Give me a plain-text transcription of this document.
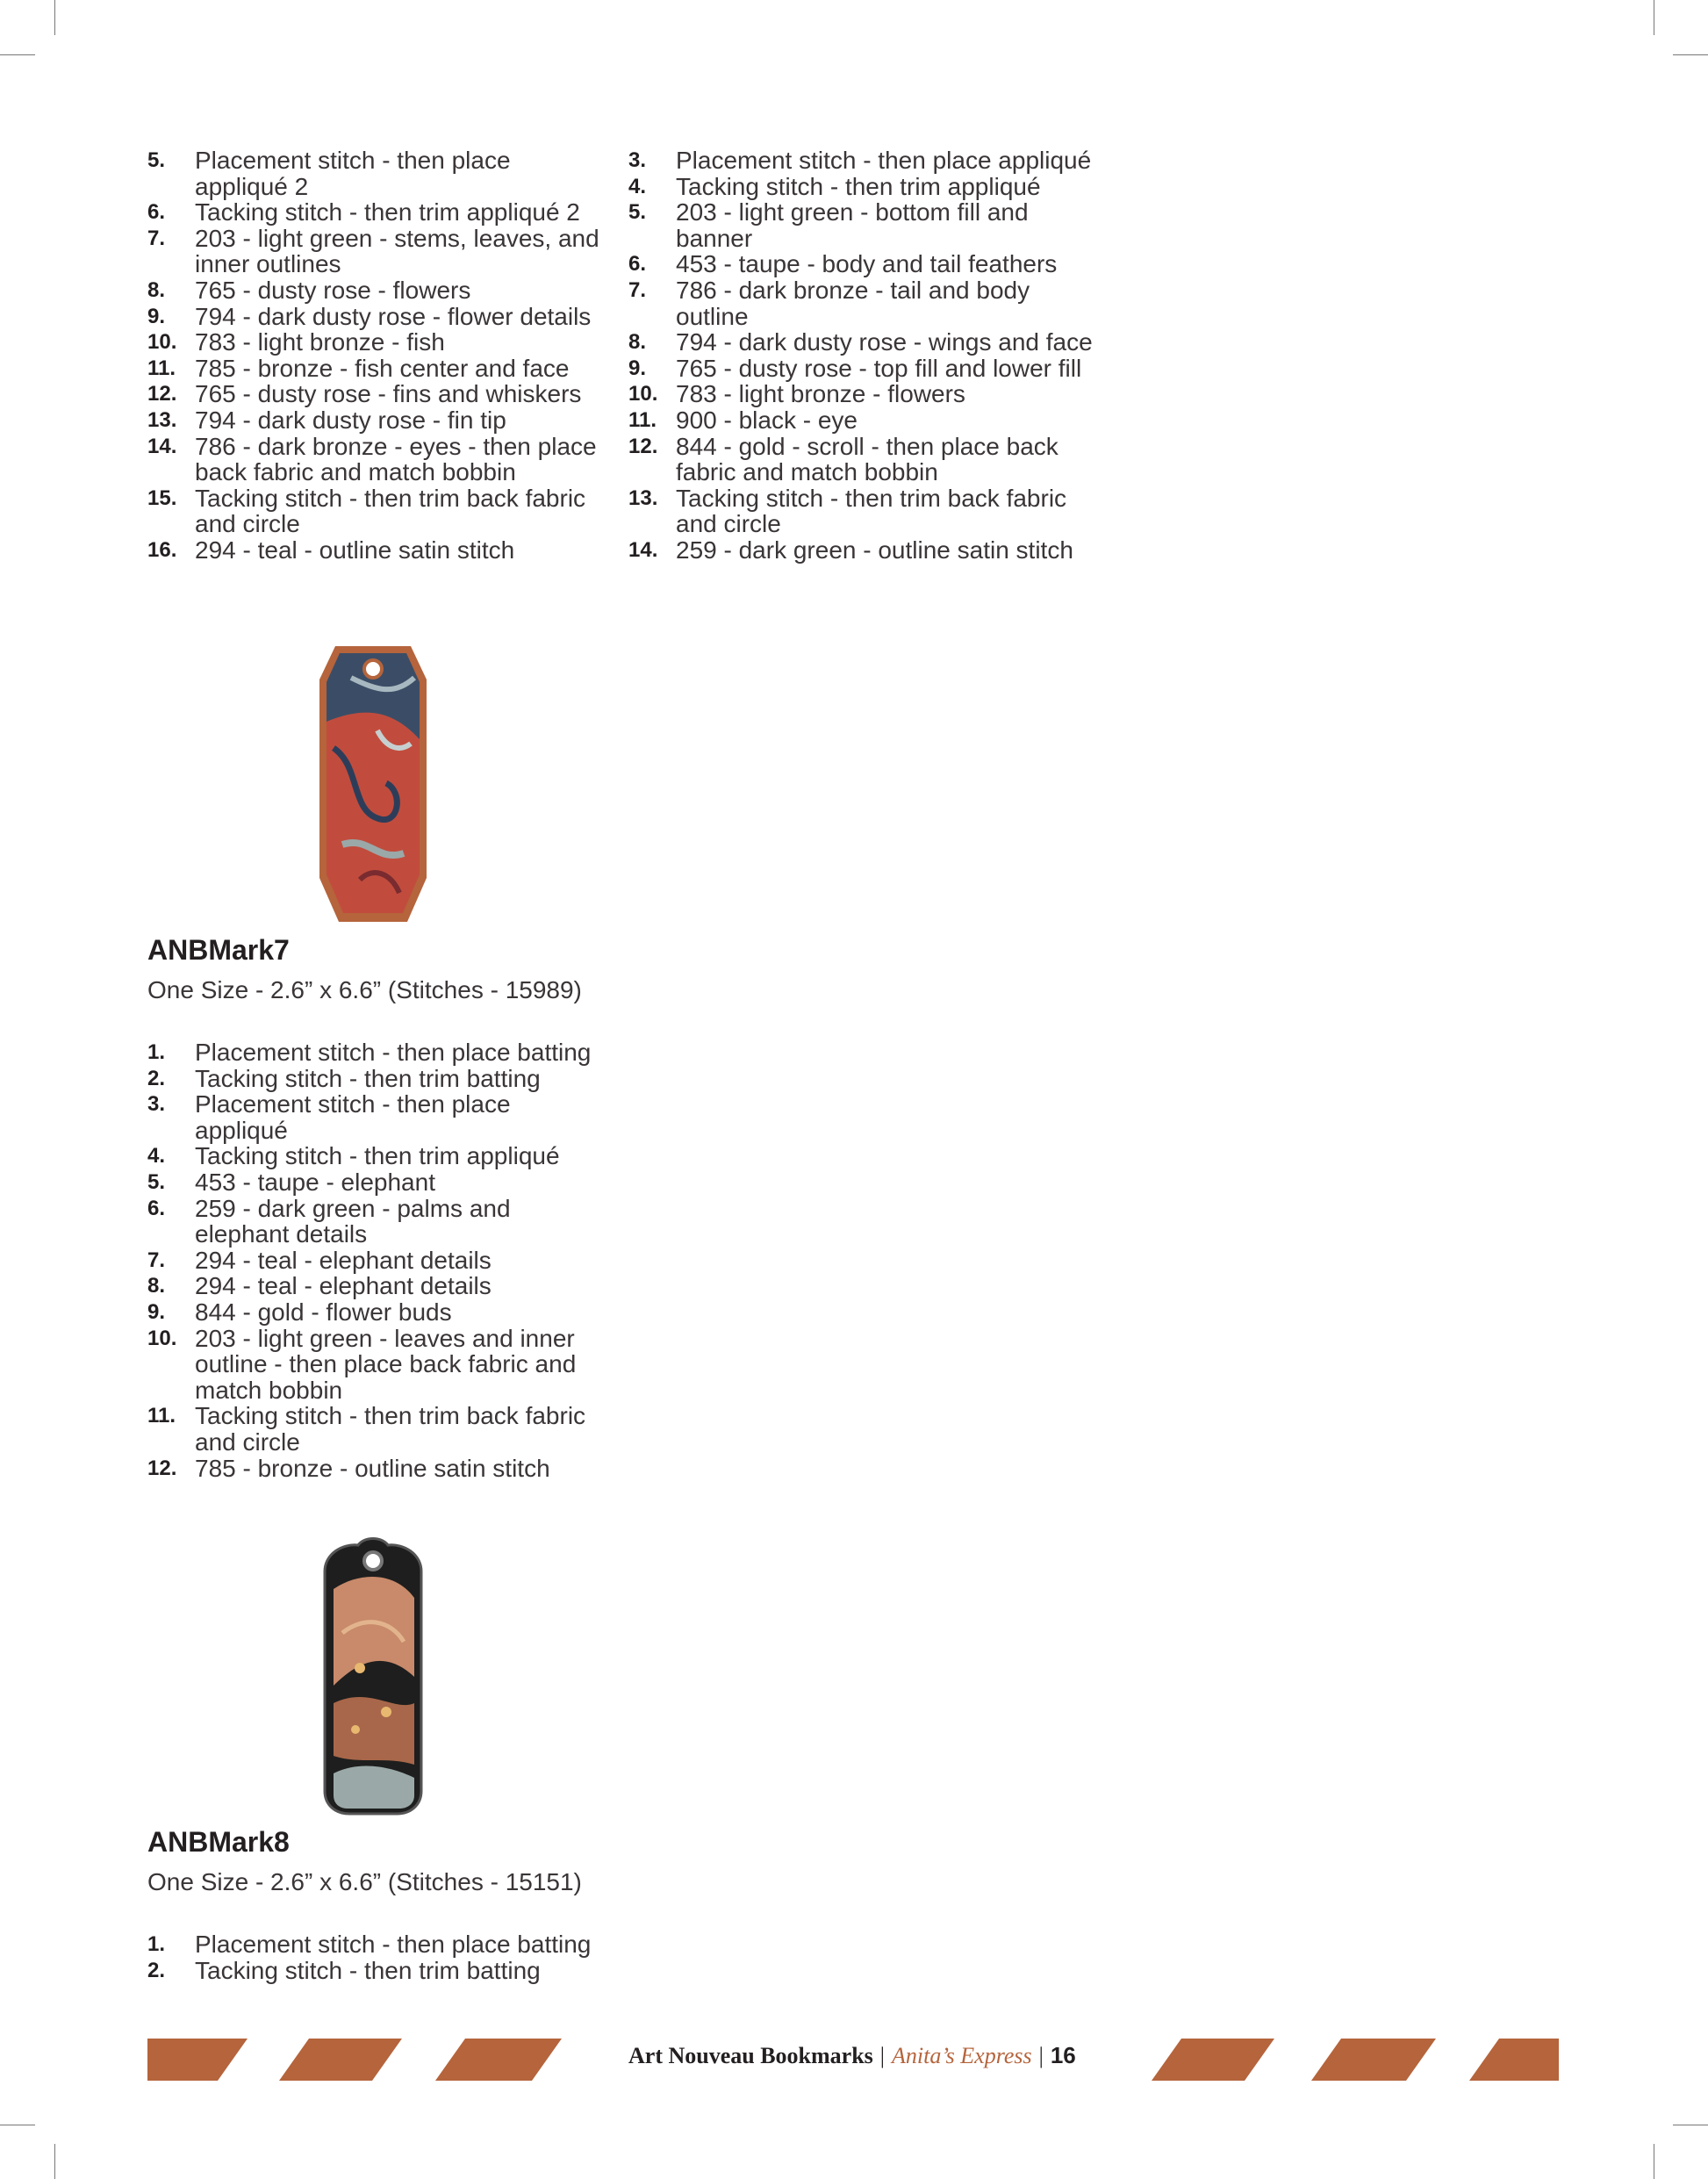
5. Placement stitch - then place appliqué 2
6. Tacking stitch - then trim appliqué 2
7. 203 - light green - stems, leaves, and inner outlines
8. 765 - dusty rose - flowers
9. 794 - dark dusty rose - flower details
10. 783 - light bronze - fish
11. 785 - bronze - fish center and face
12. 765 - dusty rose - fins and whiskers
13. 794 - dark dusty rose - fin tip
14. 786 - dark bronze - eyes - then place back fabric and match bobbin
15. Tacking stitch - then trim back fabric and circle
16. 294 - teal - outline satin stitch
3. Placement stitch - then place appliqué
4. Tacking stitch - then trim appliqué
5. 203 - light green - bottom fill and banner
6. 453 - taupe - body and tail feathers
7. 786 - dark bronze - tail and body outline
8. 794 - dark dusty rose - wings and face
9. 765 - dusty rose - top fill and lower fill
10. 783 - light bronze - flowers
11. 900 - black - eye
12. 844 - gold - scroll - then place back fabric and match bobbin
13. Tacking stitch - then trim back fabric and circle
14. 259 - dark green - outline satin stitch
ANBMark7
One Size - 2.6” x 6.6” (Stitches - 15989)
1. Placement stitch - then place batting
2. Tacking stitch - then trim batting
3. Placement stitch - then place appliqué
4. Tacking stitch - then trim appliqué
5. 453 - taupe - elephant
6. 259 - dark green - palms and elephant details
7. 294 - teal - elephant details
8. 294 - teal - elephant details
9. 844 - gold - flower buds
10. 203 - light green - leaves and inner outline - then place back fabric and match bobbin
11. Tacking stitch - then trim back fabric and circle
12. 785 - bronze - outline satin stitch
ANBMark8
One Size - 2.6” x 6.6” (Stitches - 15151)
1. Placement stitch - then place batting
2. Tacking stitch - then trim batting
Art Nouveau Bookmarks | Anita’s Express | 16
